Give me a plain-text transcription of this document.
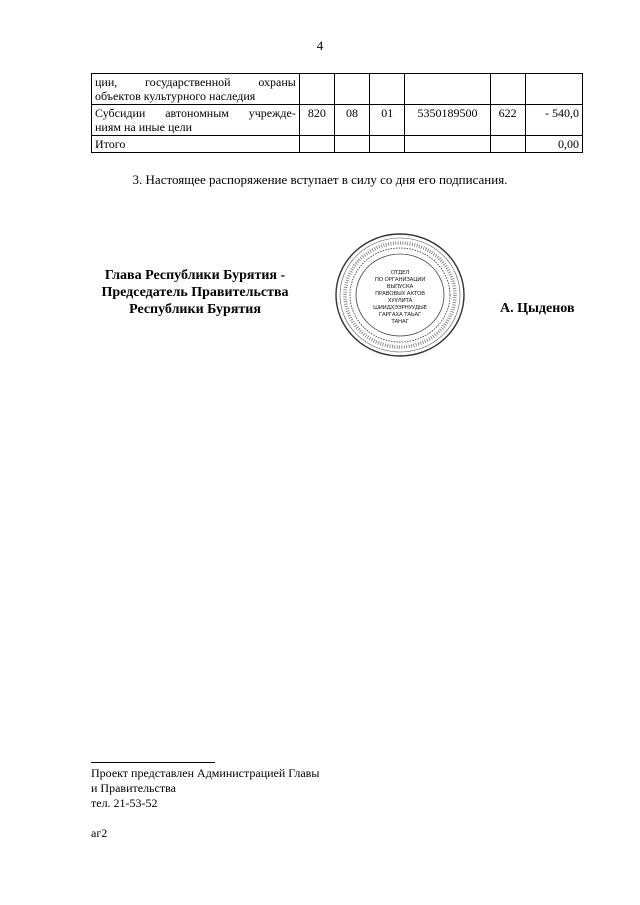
4
ции, государственной охраны
объектов культурного наследия						

Субсидии автономным учрежде-
ниям на иные цели	820	08	01	5350189500	622	- 540,0

Итого						0,00
3. Настоящее распоряжение вступает в силу со дня его подписания.
Глава Республики Бурятия -
Председатель Правительства
Республики Бурятия
ОТДЕЛ
ПО ОРГАНИЗАЦИИ
ВЫПУСКА
ПРАВОВЫХ АКТОВ
ХУУЛИТА
ШИИДХЭЭРНУУДЫЕ
ГАРГАХА ТАЬАГ
ТАНАГ
А. Цыденов
Проект представлен Администрацией Главы
и Правительства
тел. 21-53-52
аг2
